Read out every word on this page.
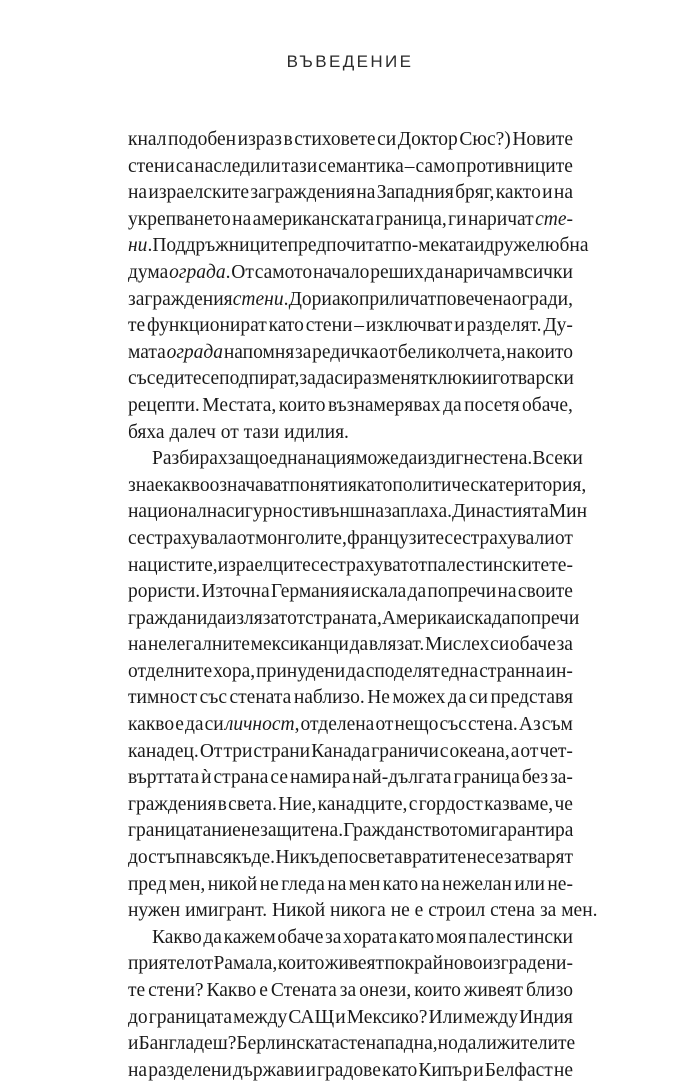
ВЪВЕДЕНИЕ
кнал подобен израз в стиховете си Доктор Сюс?) Новите
стени са наследили тази семантика – само противниците
на израелските заграждения на Западния бряг, както и на
укрепването на американската граница, ги наричат сте-
ни. Поддръжниците предпочитат по-меката и дружелюбна
дума ограда. От самото начало реших да наричам всички
заграждения стени. Дори ако приличат повече на огради,
те функционират като стени – изключват и разделят. Ду-
мата ограда напомня за редичка от бели колчета, на които
съседите се подпират, за да си разменят клюки и готварски
рецепти. Местата, които възнамерявах да посетя обаче,
бяха далеч от тази идилия.
Разбирах защо една нация може да издигне стена. Всеки
знае какво означават понятия като политическа територия,
национална сигурност и външна заплаха. Династията Мин
се страхувала от монголите, французите се страхували от
нацистите, израелците се страхуват от палестинските те-
рористи. Източна Германия искала да попречи на своите
граждани да излязат от страната, Америка иска да попречи
на нелегалните мексиканци да влязат. Мислех си обаче за
отделните хора, принудени да споделят една странна ин-
тимност със стената наблизо. Не можех да си представя
какво е да си личност, отделена от нещо със стена. Аз съм
канадец. От три страни Канада граничи с океана, а от чет-
върттата ѝ страна се намира най-дългата граница без за-
граждения в света. Ние, канадците, с гордост казваме, че
границата ни е незащитена. Гражданството ми гарантира
достъп навсякъде. Никъде по света вратите не се затварят
пред мен, никой не гледа на мен като на нежелан или не-
нужен имигрант. Никой никога не е строил стена за мен.
Какво да кажем обаче за хората като моя палестински
приятел от Рамала, които живеят покрай новоизградени-
те стени? Какво е Стената за онези, които живеят близо
до границата между САЩ и Мексико? Или между Индия
и Бангладеш? Берлинската стена падна, но дали жителите
на разделени държави и градове като Кипър и Белфаст не
